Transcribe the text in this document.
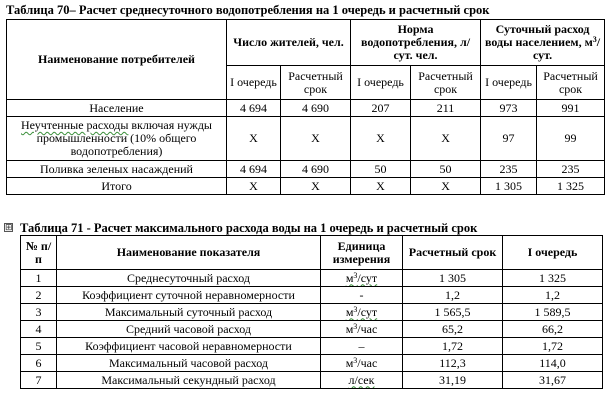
Таблица 70– Расчет среднесуточного водопотребления на 1 очередь и расчетный срок
Наименование потребителей	Число жителей, чел.		Норма водопотребления, л/сут. чел.		Суточный расход воды населением, $м^3$/сут.	
	I очередь	Расчетный срок	I очередь	Расчетный срок	I очередь	Расчетный срок
Население	4 694	4 690	207	211	973	991
Неучтенные расходы включая нужды промышленности (10% общего водопотребления)	X	X	X	X	97	99
Поливка зеленых насаждений	4 694	4 690	50	50	235	235
Итого	X	X	X	X	1 305	1 325
⊞ Таблица 71 - Расчет максимального расхода воды на 1 очередь и расчетный срок
№ п/п	Наименование показателя	Единица измерения	Расчетный срок	I очередь
1	Среднесуточный расход	$м^3$/сут	1 305	1 325
2	Коэффициент суточной неравномерности	-	1,2	1,2
3	Максимальный суточный расход	$м^3$/сут	1 565,5	1 589,5
4	Средний часовой расход	$м^3$/час	65,2	66,2
5	Коэффициент часовой неравномерности	–	1,72	1,72
6	Максимальный часовой расход	$м^3$/час	112,3	114,0
7	Максимальный секундный расход	л/сек	31,19	31,67
